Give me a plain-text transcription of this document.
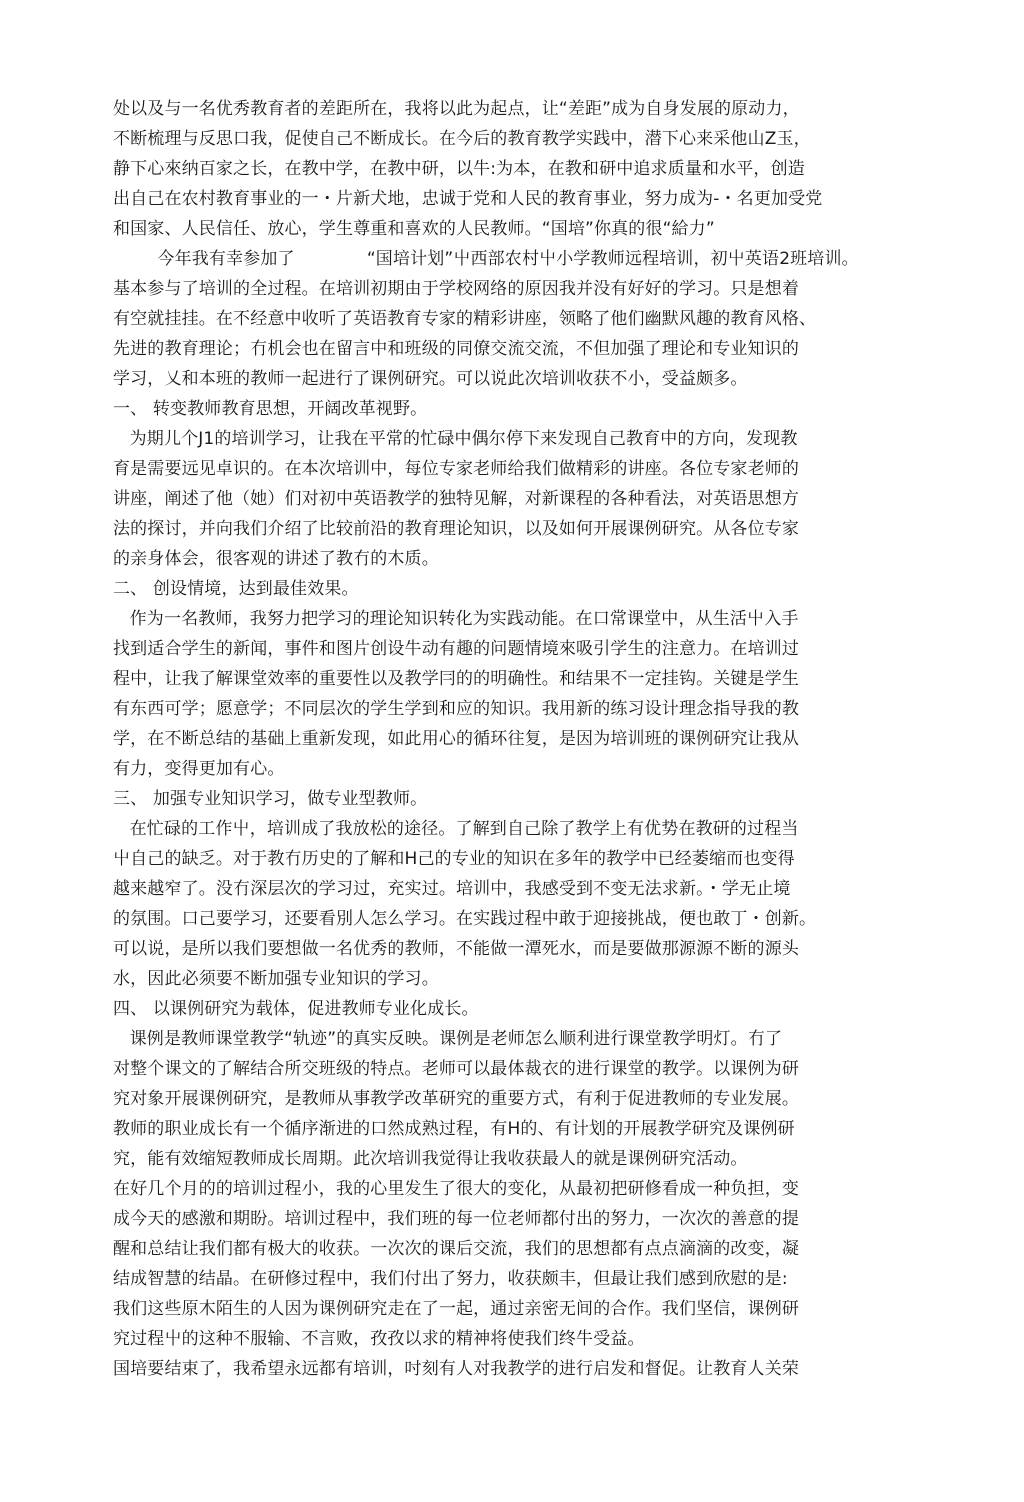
处以及与一名优秀教育者的差距所在，我将以此为起点，让“差距”成为自身发展的原动力，
不断梳理与反思口我，促使自己不断成长。在今后的教育教学实践中，潜下心来采他山Z玉，
静下心來纳百家之长，在教中学，在教中研，以牛:为本，在教和研中追求质量和水平，创造
出自己在农村教育事业的一・片新犬地，忠诚于党和人民的教育事业，努力成为-・名更加受党
和国家、人民信任、放心，学生尊重和喜欢的人民教师。“国培”你真的很“給力”
今年我有幸参加了             “国培计划”屮西部农村屮小学教师远程培训，初屮英语2班培训。
基本参与了培训的全过程。在培训初期由于学校网络的原因我并没有好好的学习。只是想着
有空就挂挂。在不经意中收听了英语教育专家的精彩讲座，领略了他们幽默风趣的教育风格、
先进的教育理论；冇机会也在留言中和班级的同僚交流交流，不但加强了理论和专业知识的
学习，乂和本班的教师一起进行了课例研究。可以说此次培训收获不小，受益颇多。
一、 转变教师教育思想，开阔改革视野。
为期儿个J1的培训学习，让我在平常的忙碌中偶尔停下来发现自己教育中的方向，发现教
育是需要远见卓识的。在本次培训中，每位专家老师给我们做精彩的讲座。各位专家老师的
讲座，阐述了他（她）们对初中英语教学的独特见解，对新课程的各种看法，对英语思想方
法的探讨，并向我们介绍了比较前沿的教育理论知识，以及如何开展课例研究。从各位专家
的亲身体会，很客观的讲述了教冇的木质。
二、 创设情境，达到最佳效果。
作为一名教师，我努力把学习的理论知识转化为实践动能。在口常课堂中，从生活屮入手
找到适合学生的新闻，事件和图片创设牛动有趣的问题情境來吸引学生的注意力。在培训过
程中，让我了解课堂效率的重要性以及教学冃的的明确性。和结果不一定挂钩。关键是学生
有东西可学；愿意学；不同层次的学生学到和应的知识。我用新的练习设计理念指导我的教
学，在不断总结的基础上重新发现，如此用心的循环往复，是因为培训班的课例研究让我从
有力，变得更加有心。
三、 加强专业知识学习，做专业型教师。
在忙碌的工作屮，培训成了我放松的途径。了解到自己除了教学上有优势在教研的过程当
屮自己的缺乏。对于教冇历史的了解和H己的专业的知识在多年的教学中已经萎缩而也变得
越来越窄了。没冇深层次的学习过，充实过。培训中，我感受到不变无法求新。・学无止境
的氛围。口己要学习，还要看別人怎么学习。在实践过程中敢于迎接挑战，便也敢丁・创新。
可以说，是所以我们要想做一名优秀的教师，不能做一潭死水，而是要做那源源不断的源头
水，因此必须要不断加强专业知识的学习。
四、 以课例研究为载体，促进教师专业化成长。
课例是教师课堂教学“轨迹”的真实反映。课例是老师怎么顺利进行课堂教学明灯。冇了
对整个课文的了解结合所交班级的特点。老师可以最体裁衣的进行课堂的教学。以课例为研
究对象开展课例研究，是教师从事教学改革研究的重要方式，有利于促进教师的专业发展。
教师的职业成长有一个循序渐进的口然成熟过程，有H的、有计划的开展教学研究及课例研
究，能有效缩短教师成长周期。此次培训我觉得让我收获最人的就是课例研究活动。
在好几个月的的培训过程小，我的心里发生了很大的变化，从最初把研修看成一种负担，变
成今天的感激和期盼。培训过程中，我们班的每一位老师都付出的努力，一次次的善意的提
醒和总结让我们都有极大的收获。一次次的课后交流，我们的思想都有点点滴滴的改变，凝
结成智慧的结晶。在研修过程中，我们付出了努力，收获颇丰，但最让我们感到欣慰的是:
我们这些原木陌生的人因为课例研究走在了一起，通过亲密无间的合作。我们坚信，课例研
究过程屮的这种不服输、不言败，孜孜以求的精神将使我们终牛受益。
国培要结束了，我希望永远都有培训，吋刻有人对我教学的进行启发和督促。让教育人关荣
